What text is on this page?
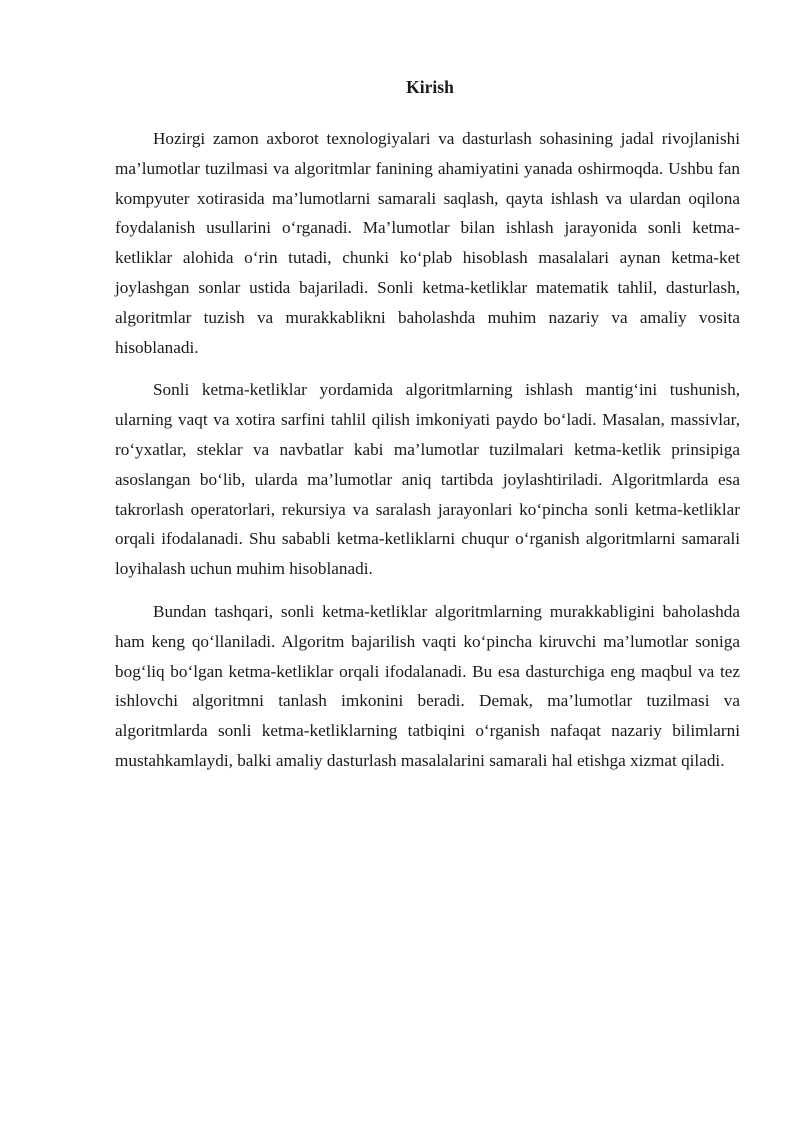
Kirish

Hozirgi zamon axborot texnologiyalari va dasturlash sohasining jadal rivojlanishi ma’lumotlar tuzilmasi va algoritmlar fanining ahamiyatini yanada oshirmoqda. Ushbu fan kompyuter xotirasida ma’lumotlarni samarali saqlash, qayta ishlash va ulardan oqilona foydalanish usullarini o‘rganadi. Ma’lumotlar bilan ishlash jarayonida sonli ketma-ketliklar alohida o‘rin tutadi, chunki ko‘plab hisoblash masalalari aynan ketma-ket joylashgan sonlar ustida bajariladi. Sonli ketma-ketliklar matematik tahlil, dasturlash, algoritmlar tuzish va murakkablikni baholashda muhim nazariy va amaliy vosita hisoblanadi.

Sonli ketma-ketliklar yordamida algoritmlarning ishlash mantig‘ini tushunish, ularning vaqt va xotira sarfini tahlil qilish imkoniyati paydo bo‘ladi. Masalan, massivlar, ro‘yxatlar, steklar va navbatlar kabi ma’lumotlar tuzilmalari ketma-ketlik prinsipiga asoslangan bo‘lib, ularda ma’lumotlar aniq tartibda joylashtiriladi. Algoritmlarda esa takrorlash operatorlari, rekursiya va saralash jarayonlari ko‘pincha sonli ketma-ketliklar orqali ifodalanadi. Shu sababli ketma-ketliklarni chuqur o‘rganish algoritmlarni samarali loyihalash uchun muhim hisoblanadi.

Bundan tashqari, sonli ketma-ketliklar algoritmlarning murakkabligini baholashda ham keng qo‘llaniladi. Algoritm bajarilish vaqti ko‘pincha kiruvchi ma’lumotlar soniga bog‘liq bo‘lgan ketma-ketliklar orqali ifodalanadi. Bu esa dasturchiga eng maqbul va tez ishlovchi algoritmni tanlash imkonini beradi. Demak, ma’lumotlar tuzilmasi va algoritmlarda sonli ketma-ketliklarning tatbiqini o‘rganish nafaqat nazariy bilimlarni mustahkamlaydi, balki amaliy dasturlash masalalarini samarali hal etishga xizmat qiladi.
